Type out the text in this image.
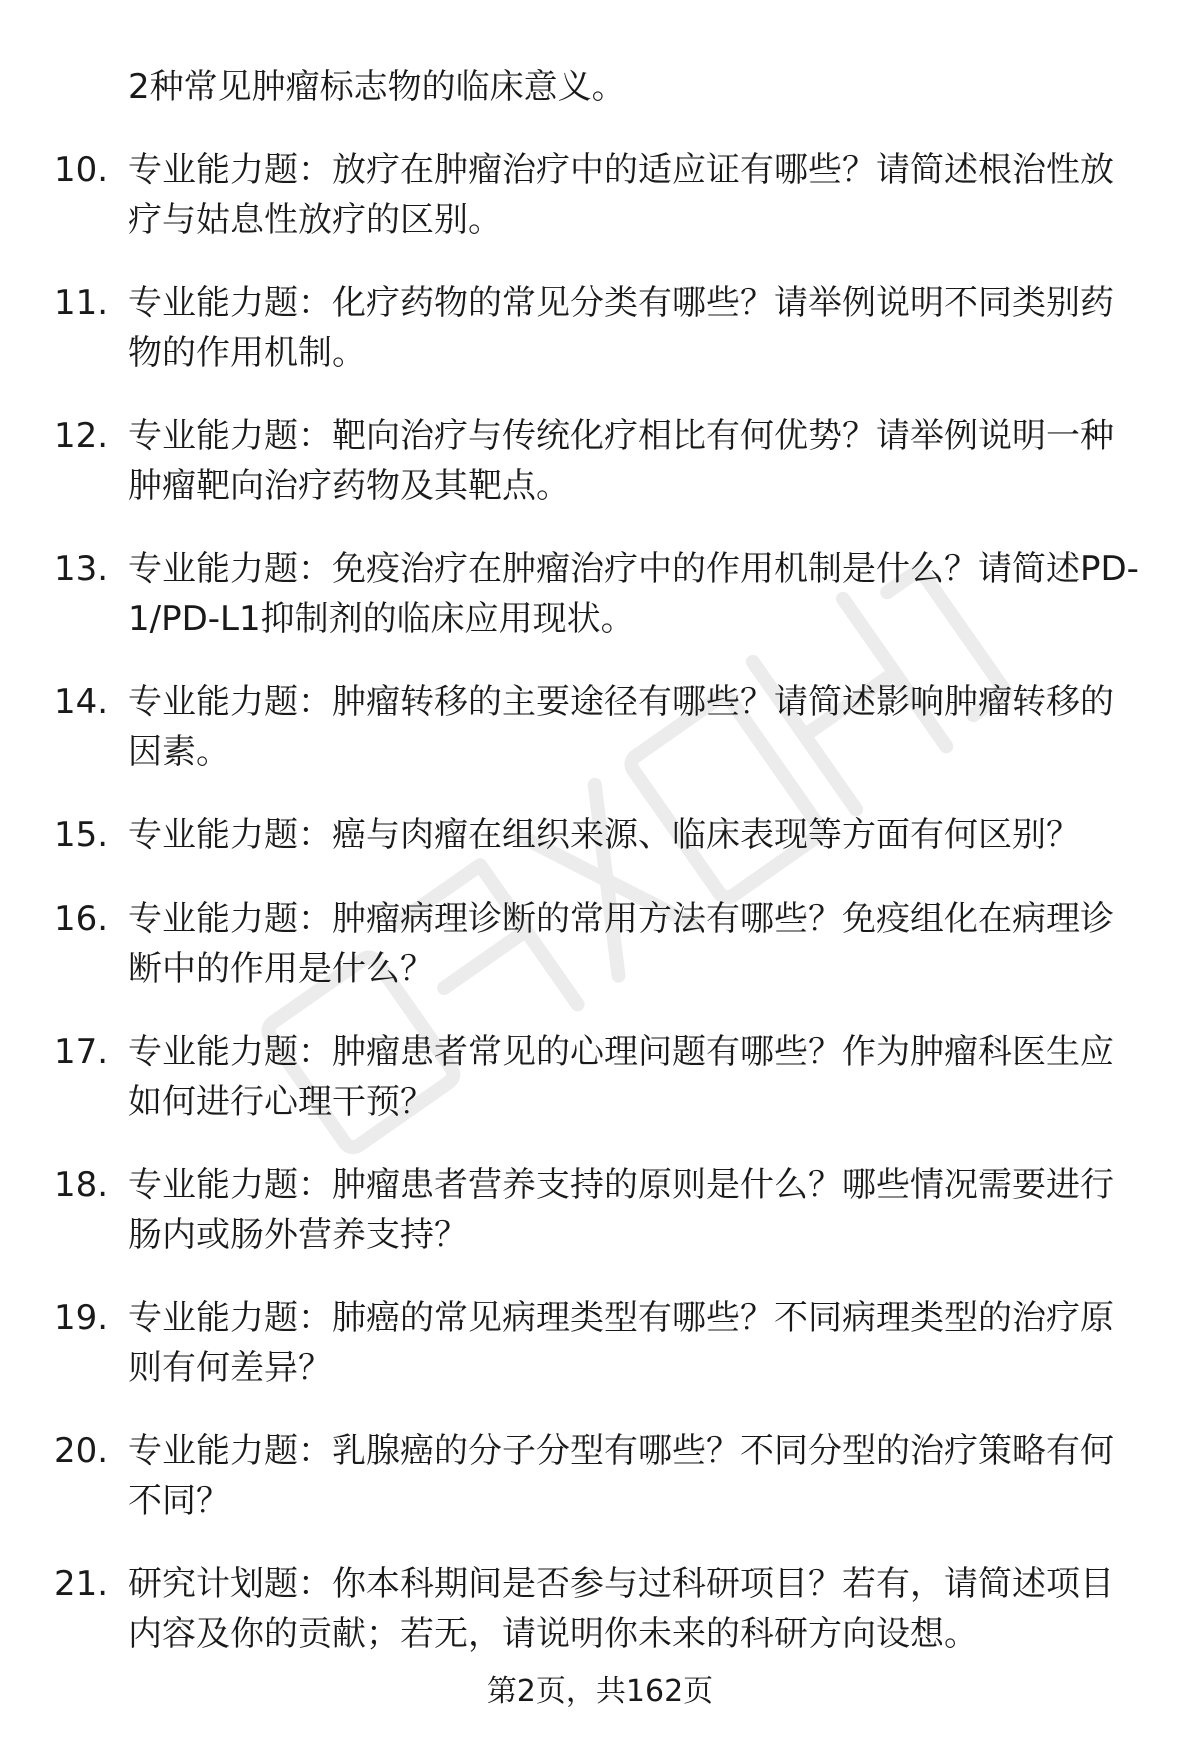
2种常见肿瘤标志物的临床意义。
10. 专业能力题：放疗在肿瘤治疗中的适应证有哪些？请简述根治性放疗与姑息性放疗的区别。
11. 专业能力题：化疗药物的常见分类有哪些？请举例说明不同类别药物的作用机制。
12. 专业能力题：靶向治疗与传统化疗相比有何优势？请举例说明一种肿瘤靶向治疗药物及其靶点。
13. 专业能力题：免疫治疗在肿瘤治疗中的作用机制是什么？请简述PD-1/PD-L1抑制剂的临床应用现状。
14. 专业能力题：肿瘤转移的主要途径有哪些？请简述影响肿瘤转移的因素。
15. 专业能力题：癌与肉瘤在组织来源、临床表现等方面有何区别？
16. 专业能力题：肿瘤病理诊断的常用方法有哪些？免疫组化在病理诊断中的作用是什么？
17. 专业能力题：肿瘤患者常见的心理问题有哪些？作为肿瘤科医生应如何进行心理干预？
18. 专业能力题：肿瘤患者营养支持的原则是什么？哪些情况需要进行肠内或肠外营养支持？
19. 专业能力题：肺癌的常见病理类型有哪些？不同病理类型的治疗原则有何差异？
20. 专业能力题：乳腺癌的分子分型有哪些？不同分型的治疗策略有何不同？
21. 研究计划题：你本科期间是否参与过科研项目？若有，请简述项目内容及你的贡献；若无，请说明你未来的科研方向设想。
第2页，共162页
